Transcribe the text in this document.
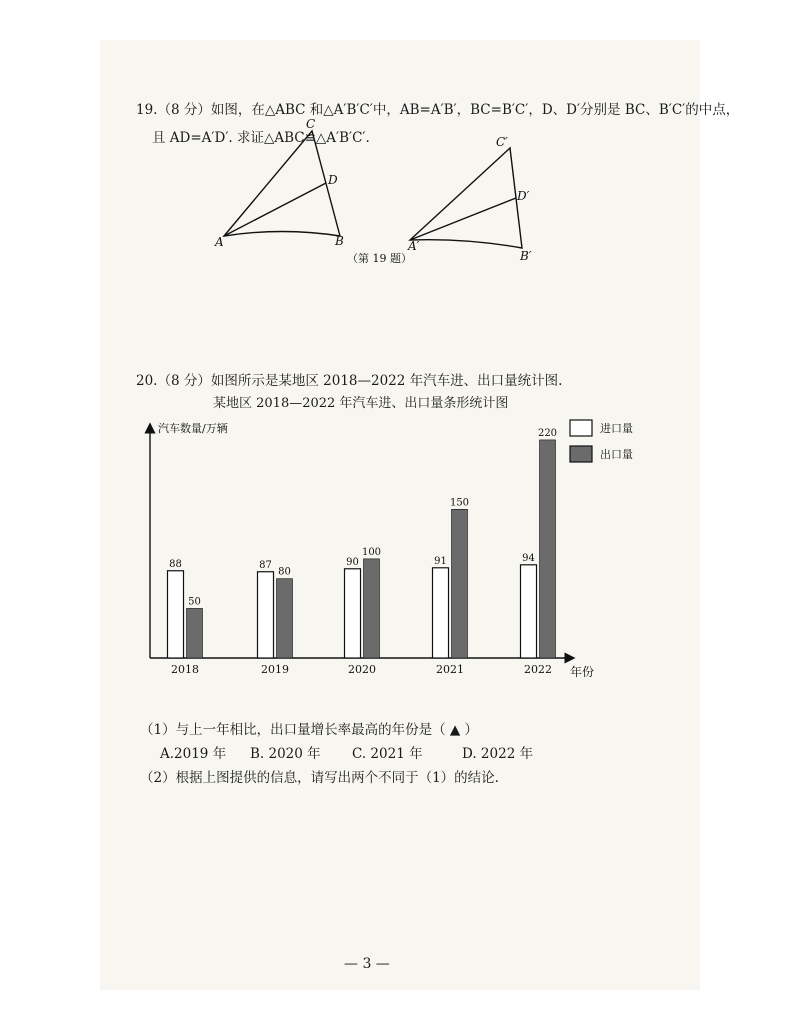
19.（8 分）如图，在△ABC 和△A′B′C′中，AB=A′B′，BC=B′C′，D、D′分别是 BC、B′C′的中点，
且 AD=A′D′. 求证△ABC≌△A′B′C′.
C
D
A	B
C′
D′
A′
B′
（第 19 题）
20.（8 分）如图所示是某地区 2018—2022 年汽车进、出口量统计图.
某地区 2018—2022 年汽车进、出口量条形统计图
汽车数量/万辆
年份
88
50
2018
87
80
2019
90
100
2020
91
150
2021
94
220
2022
进口量
出口量
（1）与上一年相比，出口量增长率最高的年份是（ ▲ ）
A.2019 年 B. 2020 年 C. 2021 年	D. 2022 年
（2）根据上图提供的信息，请写出两个不同于（1）的结论.
— 3 —
